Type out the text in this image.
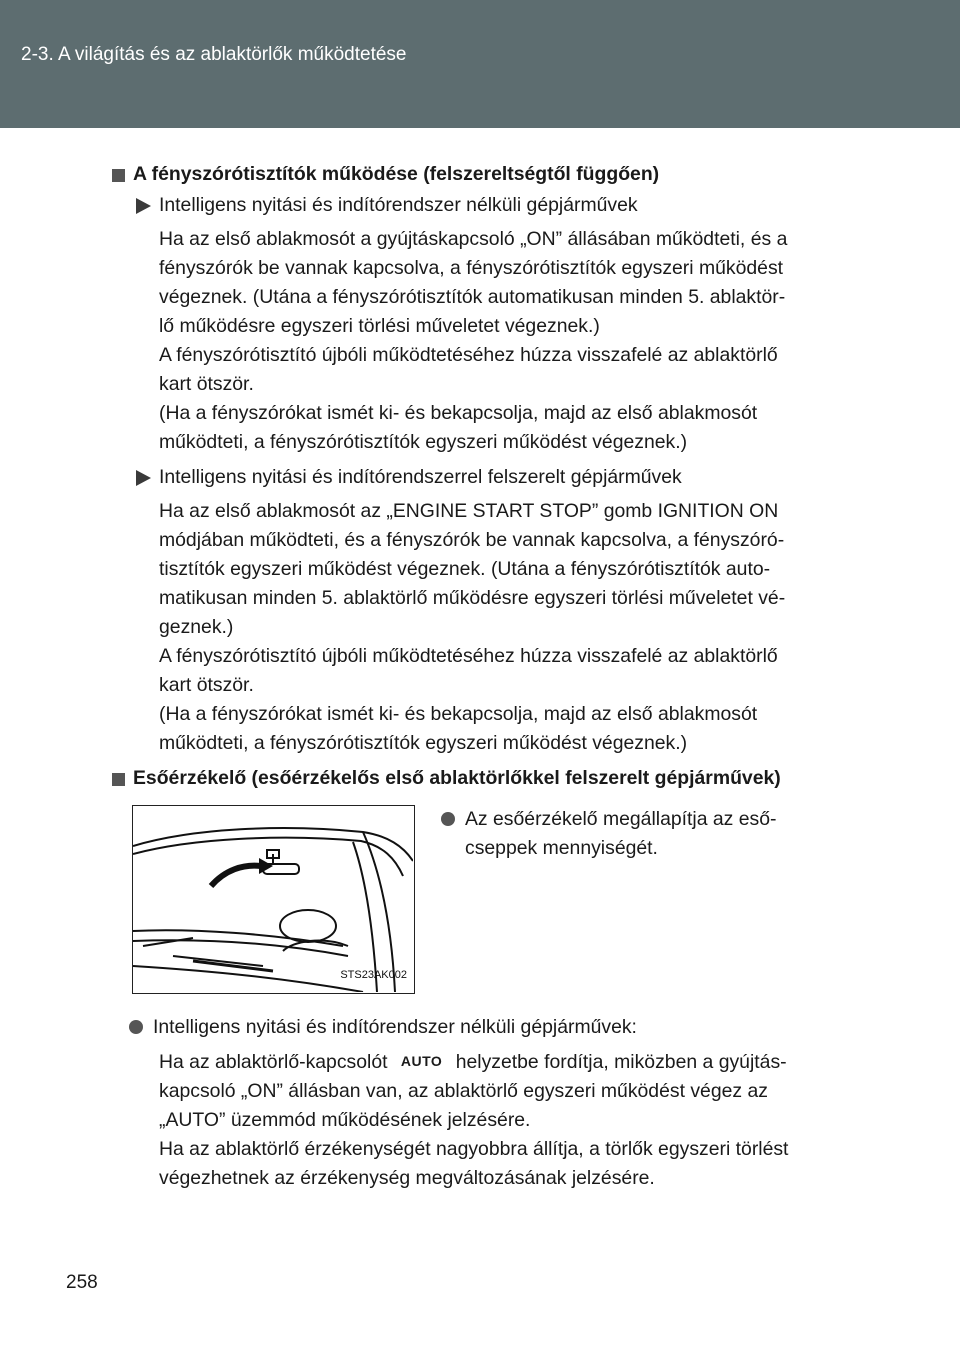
2-3. A világítás és az ablaktörlők működtetése
A fényszórótisztítók működése (felszereltségtől függően)
Intelligens nyitási és indítórendszer nélküli gépjárművek
Ha az első ablakmosót a gyújtáskapcsoló „ON” állásában működteti, és a
fényszórók be vannak kapcsolva, a fényszórótisztítók egyszeri működést
végeznek. (Utána a fényszórótisztítók automatikusan minden 5. ablaktör-
lő működésre egyszeri törlési műveletet végeznek.)
A fényszórótisztító újbóli működtetéséhez húzza visszafelé az ablaktörlő
kart ötször.
(Ha a fényszórókat ismét ki- és bekapcsolja, majd az első ablakmosót
működteti, a fényszórótisztítók egyszeri működést végeznek.)
Intelligens nyitási és indítórendszerrel felszerelt gépjárművek
Ha az első ablakmosót az „ENGINE START STOP” gomb IGNITION ON
módjában működteti, és a fényszórók be vannak kapcsolva, a fényszóró-
tisztítók egyszeri működést végeznek. (Utána a fényszórótisztítók auto-
matikusan minden 5. ablaktörlő működésre egyszeri törlési műveletet vé-
geznek.)
A fényszórótisztító újbóli működtetéséhez húzza visszafelé az ablaktörlő
kart ötször.
(Ha a fényszórókat ismét ki- és bekapcsolja, majd az első ablakmosót
működteti, a fényszórótisztítók egyszeri működést végeznek.)
Esőérzékelő (esőérzékelős első ablaktörlőkkel felszerelt gépjárművek)
STS23AK002
Az esőérzékelő megállapítja az eső-
cseppek mennyiségét.
Intelligens nyitási és indítórendszer nélküli gépjárművek:
Ha az ablaktörlő-kapcsolót AUTO helyzetbe fordítja, miközben a gyújtás-
kapcsoló „ON” állásban van, az ablaktörlő egyszeri működést végez az
„AUTO” üzemmód működésének jelzésére.
Ha az ablaktörlő érzékenységét nagyobbra állítja, a törlők egyszeri törlést
végezhetnek az érzékenység megváltozásának jelzésére.
258
